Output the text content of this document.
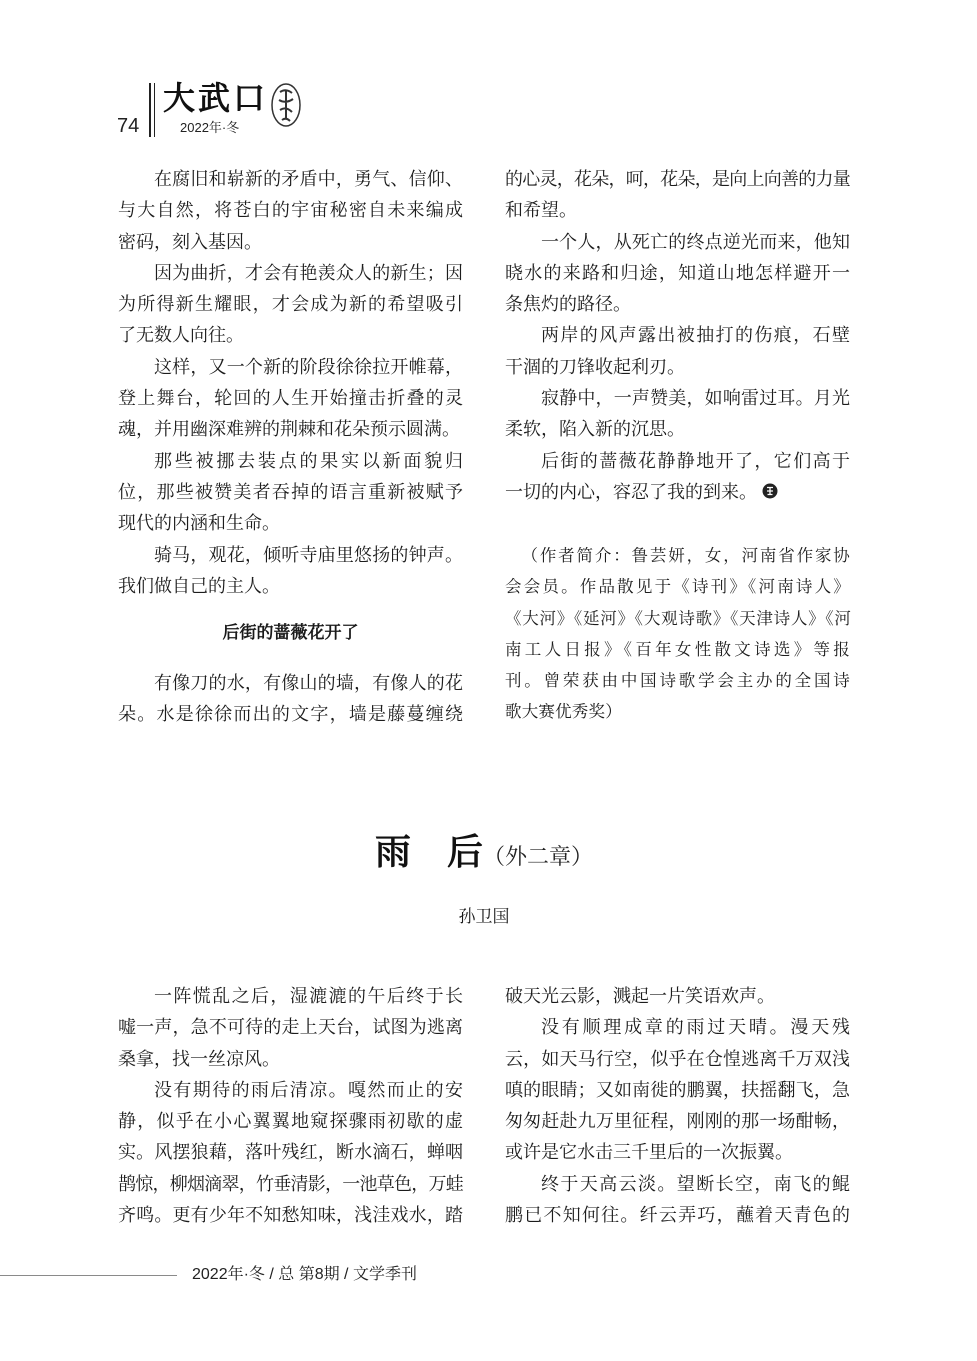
74
大武口
2022年·冬
在腐旧和崭新的矛盾中，勇气、信仰、
与大自然，将苍白的宇宙秘密自未来编成
密码，刻入基因。
因为曲折，才会有艳羡众人的新生；因
为所得新生耀眼，才会成为新的希望吸引
了无数人向往。
这样，又一个新的阶段徐徐拉开帷幕，
登上舞台，轮回的人生开始撞击折叠的灵
魂，并用幽深难辨的荆棘和花朵预示圆满。
那些被挪去装点的果实以新面貌归
位，那些被赞美者吞掉的语言重新被赋予
现代的内涵和生命。
骑马，观花，倾听寺庙里悠扬的钟声。
我们做自己的主人。
后街的蔷薇花开了
有像刀的水，有像山的墙，有像人的花
朵。水是徐徐而出的文字，墙是藤蔓缠绕
的心灵，花朵，呵，花朵，是向上向善的力量
和希望。
一个人，从死亡的终点逆光而来，他知
晓水的来路和归途，知道山地怎样避开一
条焦灼的路径。
两岸的风声露出被抽打的伤痕，石壁
干涸的刀锋收起利刃。
寂静中，一声赞美，如响雷过耳。月光
柔软，陷入新的沉思。
后街的蔷薇花静静地开了，它们高于
一切的内心，容忍了我的到来。
（作者简介：鲁芸妍，女，河南省作家协
会会员。作品散见于《诗刊》《河南诗人》
《大河》《延河》《大观诗歌》《天津诗人》《河
南工人日报》《百年女性散文诗选》等报
刊。曾荣获由中国诗歌学会主办的全国诗
歌大赛优秀奖）
雨　后 （外二章）
孙卫国
一阵慌乱之后，湿漉漉的午后终于长
嘘一声，急不可待的走上天台，试图为逃离
桑拿，找一丝凉风。
没有期待的雨后清凉。嘎然而止的安
静，似乎在小心翼翼地窥探骤雨初歇的虚
实。风摆狼藉，落叶残红，断水滴石，蝉咽
鹊惊，柳烟滴翠，竹垂清影，一池草色，万蛙
齐鸣。更有少年不知愁知味，浅洼戏水，踏
破天光云影，溅起一片笑语欢声。
没有顺理成章的雨过天晴。漫天残
云，如天马行空，似乎在仓惶逃离千万双浅
嗔的眼睛；又如南徙的鹏翼，扶摇翻飞，急
匆匆赶赴九万里征程，刚刚的那一场酣畅，
或许是它水击三千里后的一次振翼。
终于天高云淡。望断长空，南飞的鲲
鹏已不知何往。纤云弄巧，蘸着天青色的
2022年·冬 / 总 第8期 / 文学季刊
